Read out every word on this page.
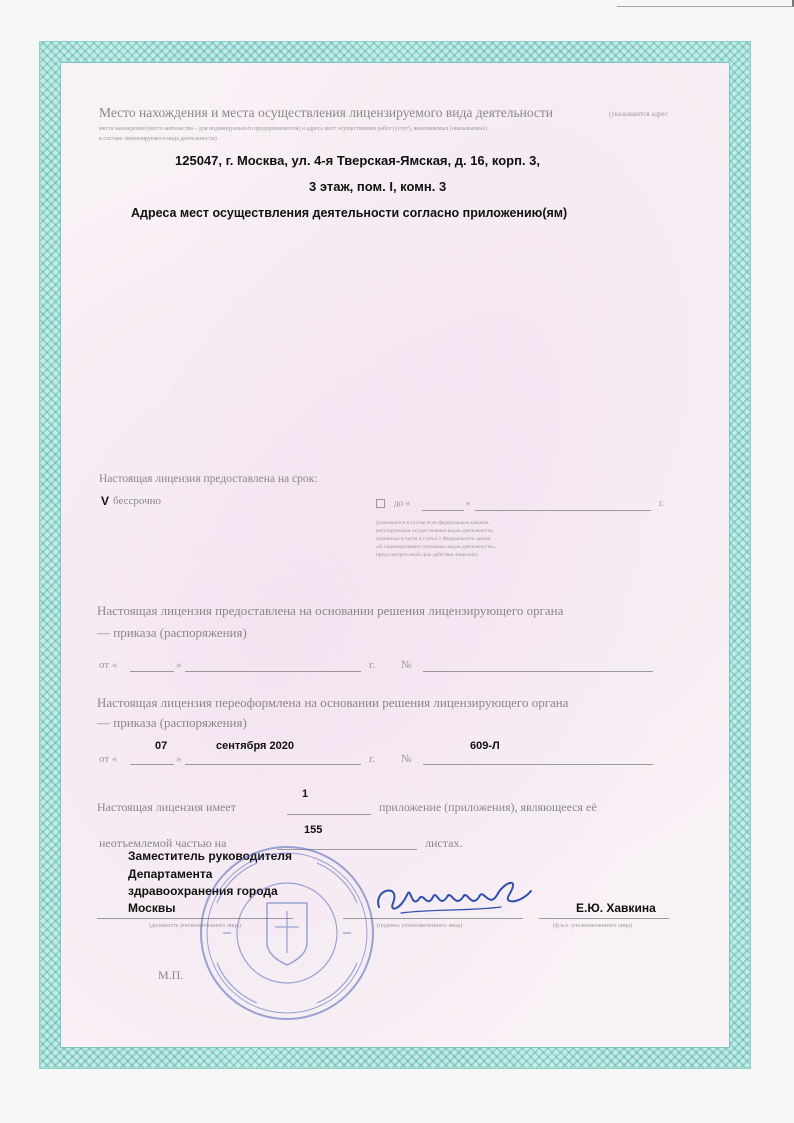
Место нахождения и места осуществления лицензируемого вида деятельности	(указываются адрес
места нахождения (место жительства – для индивидуального предпринимателя) и адреса мест осуществления работ (услуг), выполняемых (оказываемых)
в составе лицензируемого вида деятельности)
125047, г. Москва, ул. 4-я Тверская-Ямская, д. 16, корп. 3,
3 этаж, пом. I, комн. 3
Адреса мест осуществления деятельности согласно приложению(ям)
Настоящая лицензия предоставлена на срок:
V бессрочно	до «	»	г.
(указывается в случае если федеральным законом,
регулирующим осуществление видов деятельности,
указанных в части 4 статьи 1 Федерального закона
«О лицензировании отдельных видов деятельности»,
предусмотрен иной срок действия лицензии)
Настоящая лицензия предоставлена на основании решения лицензирующего органа
— приказа (распоряжения)
от «	»	г. №
Настоящая лицензия переоформлена на основании решения лицензирующего органа
— приказа (распоряжения)
07	сентября 2020	609-Л
от «	»	г. №
1
Настоящая лицензия имеет	приложение (приложения), являющееся её
155
неотъемлемой частью на	листах.
Заместитель руководителя
Департамента
здравоохранения города
Москвы	Е.Ю. Хавкина
(должность уполномоченного лица)	(подпись уполномоченного лица)	(ф.и.о. уполномоченного лица)
М.П.
